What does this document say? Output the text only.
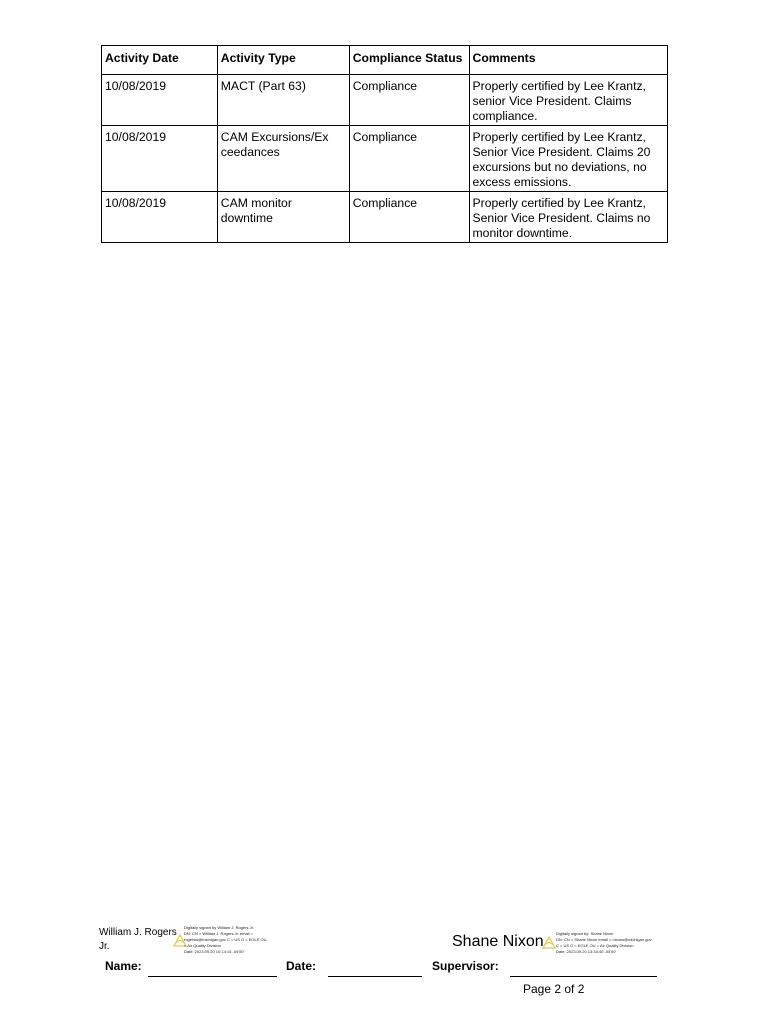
Activity Date	Activity Type	Compliance Status	Comments
10/08/2019	MACT (Part 63)	Compliance	Properly certified by Lee Krantz, senior Vice President. Claims compliance.
10/08/2019	CAM Excursions/Exceedances	Compliance	Properly certified by Lee Krantz, Senior Vice President. Claims 20 excursions but no deviations, no excess emissions.
10/08/2019	CAM monitor downtime	Compliance	Properly certified by Lee Krantz, Senior Vice President. Claims no monitor downtime.
William J. Rogers Jr.
Digitally signed by William J. Rogers Jr.
DN: CN = William J. Rogers Jr. email =
rogersw@michigan.gov C = US O = EGLE OU
= Air Quality Division
Date: 2023.09.20 10:14:15 -04'00'
Shane Nixon	Digitally signed by: Shane Nixon
DN: CN = Shane Nixon email = nixons@michigan.gov
C = US O = EGLE OU = Air Quality Division
Date: 2023.09.20 13:34:40 -04'00'
Name:	Date:	Supervisor:
Page 2 of 2
